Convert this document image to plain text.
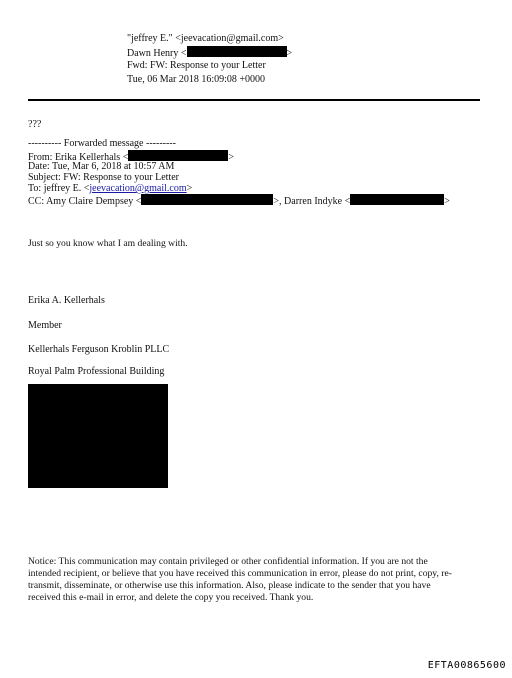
"jeffrey E." <jeevacation@gmail.com>
Dawn Henry <	>
Fwd: FW: Response to your Letter
Tue, 06 Mar 2018 16:09:08 +0000
???
---------- Forwarded message ---------
From: Erika Kellerhals <	>
Date: Tue, Mar 6, 2018 at 10:57 AM
Subject: FW: Response to your Letter
To: jeffrey E. <jeevacation@gmail.com>
CC: Amy Claire Dempsey <	>, Darren Indyke <	>
Just so you know what I am dealing with.
Erika A. Kellerhals
Member
Kellerhals Ferguson Kroblin PLLC
Royal Palm Professional Building
Notice: This communication may contain privileged or other confidential information. If you are not the
intended recipient, or believe that you have received this communication in error, please do not print, copy, re-
transmit, disseminate, or otherwise use this information. Also, please indicate to the sender that you have
received this e-mail in error, and delete the copy you received. Thank you.
EFTA00865600
